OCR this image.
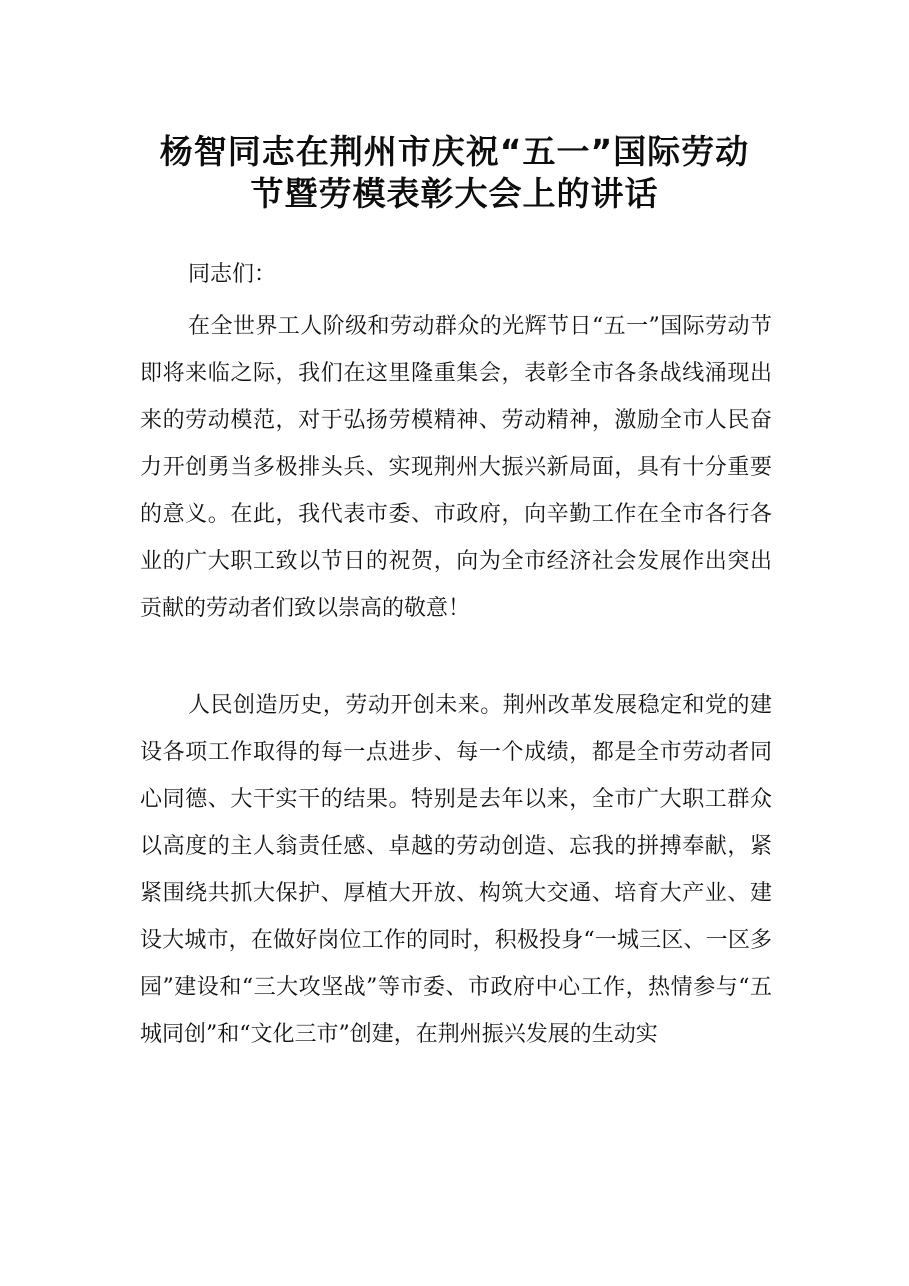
杨智同志在荆州市庆祝“五一”国际劳动
节暨劳模表彰大会上的讲话

同志们：

在全世界工人阶级和劳动群众的光辉节日“五一”国际劳动节即将来临之际，我们在这里隆重集会，表彰全市各条战线涌现出来的劳动模范，对于弘扬劳模精神、劳动精神，激励全市人民奋力开创勇当多极排头兵、实现荆州大振兴新局面，具有十分重要的意义。在此，我代表市委、市政府，向辛勤工作在全市各行各业的广大职工致以节日的祝贺，向为全市经济社会发展作出突出贡献的劳动者们致以崇高的敬意！

人民创造历史，劳动开创未来。荆州改革发展稳定和党的建设各项工作取得的每一点进步、每一个成绩，都是全市劳动者同心同德、大干实干的结果。特别是去年以来，全市广大职工群众以高度的主人翁责任感、卓越的劳动创造、忘我的拼搏奉献，紧紧围绕共抓大保护、厚植大开放、构筑大交通、培育大产业、建设大城市，在做好岗位工作的同时，积极投身“一城三区、一区多园”建设和“三大攻坚战”等市委、市政府中心工作，热情参与“五城同创”和“文化三市”创建，在荆州振兴发展的生动实
